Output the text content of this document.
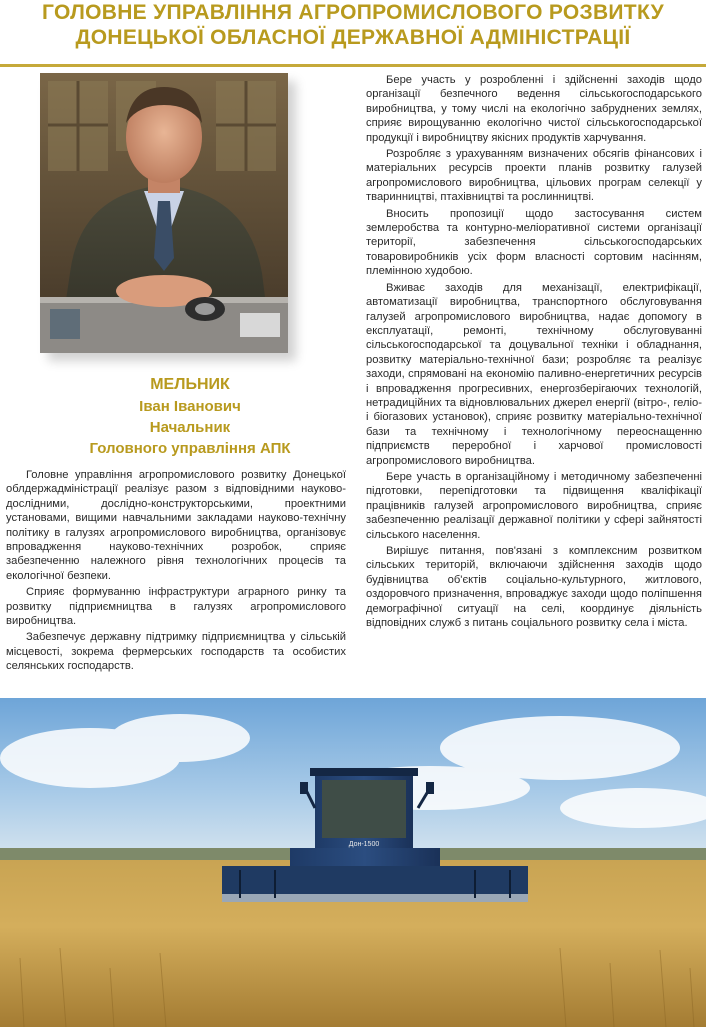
ГОЛОВНЕ УПРАВЛІННЯ АГРОПРОМИСЛОВОГО РОЗВИТКУ
ДОНЕЦЬКОЇ ОБЛАСНОЇ ДЕРЖАВНОЇ АДМІНІСТРАЦІЇ
МЕЛЬНИК
Іван Іванович
Начальник
Головного управління АПК

Головне управління агропромислового розвитку Донецької облдержадміністрації реалізує разом з відповідними науково-дослідними, дослідно-конструкторськими, проектними установами, вищими навчальними закладами науково-технічну політику в галузях агропромислового виробництва, організовує впровадження науково-технічних розробок, сприяє забезпеченню належного рівня технологічних процесів та екологічної безпеки.

Сприяє формуванню інфраструктури аграрного ринку та розвитку підприємництва в галузях агропромислового виробництва.

Забезпечує державну підтримку підприємництва у сільській місцевості, зокрема фермерських господарств та особистих селянських господарств.

Бере участь у розробленні і здійсненні заходів щодо організації безпечного ведення сільськогосподарського виробництва, у тому числі на екологічно забруднених землях, сприяє вирощуванню екологічно чистої сільськогосподарської продукції і виробництву якісних продуктів харчування.

Розробляє з урахуванням визначених обсягів фінансових і матеріальних ресурсів проекти планів розвитку галузей агропромислового виробництва, цільових програм селекції у тваринництві, птахівництві та рослинництві.

Вносить пропозиції щодо застосування систем землеробства та контурно-меліоративної системи організації території, забезпечення сільськогосподарських товаровиробників усіх форм власності сортовим насінням, племінною худобою.

Вживає заходів для механізації, електрифікації, автоматизації виробництва, транспортного обслуговування галузей агропромислового виробництва, надає допомогу в експлуатації, ремонті, технічному обслуговуванні сільськогосподарської та доцувальної техніки і обладнання, розвитку матеріально-технічної бази; розробляє та реалізує заходи, спрямовані на економію паливно-енергетичних ресурсів і впровадження прогресивних, енергозберігаючих технологій, нетрадиційних та відновлювальних джерел енергії (вітро-, геліо- і біогазових установок), сприяє розвитку матеріально-технічної бази та технічному і технологічному переоснащенню підприємств переробної і харчової промисловості агропромислового виробництва.

Бере участь в організаційному і методичному забезпеченні підготовки, перепідготовки та підвищення кваліфікації працівників галузей агропромислового виробництва, сприяє забезпеченню реалізації державної політики у сфері зайнятості сільського населення.

Вирішує питання, пов'язані з комплексним розвитком сільських територій, включаючи здійснення заходів щодо будівництва об'єктів соціально-культурного, житлового, оздоровчого призначення, впроваджує заходи щодо поліпшення демографічної ситуації на селі, координує діяльність відповідних служб з питань соціального розвитку села і міста.

Дон-1500
